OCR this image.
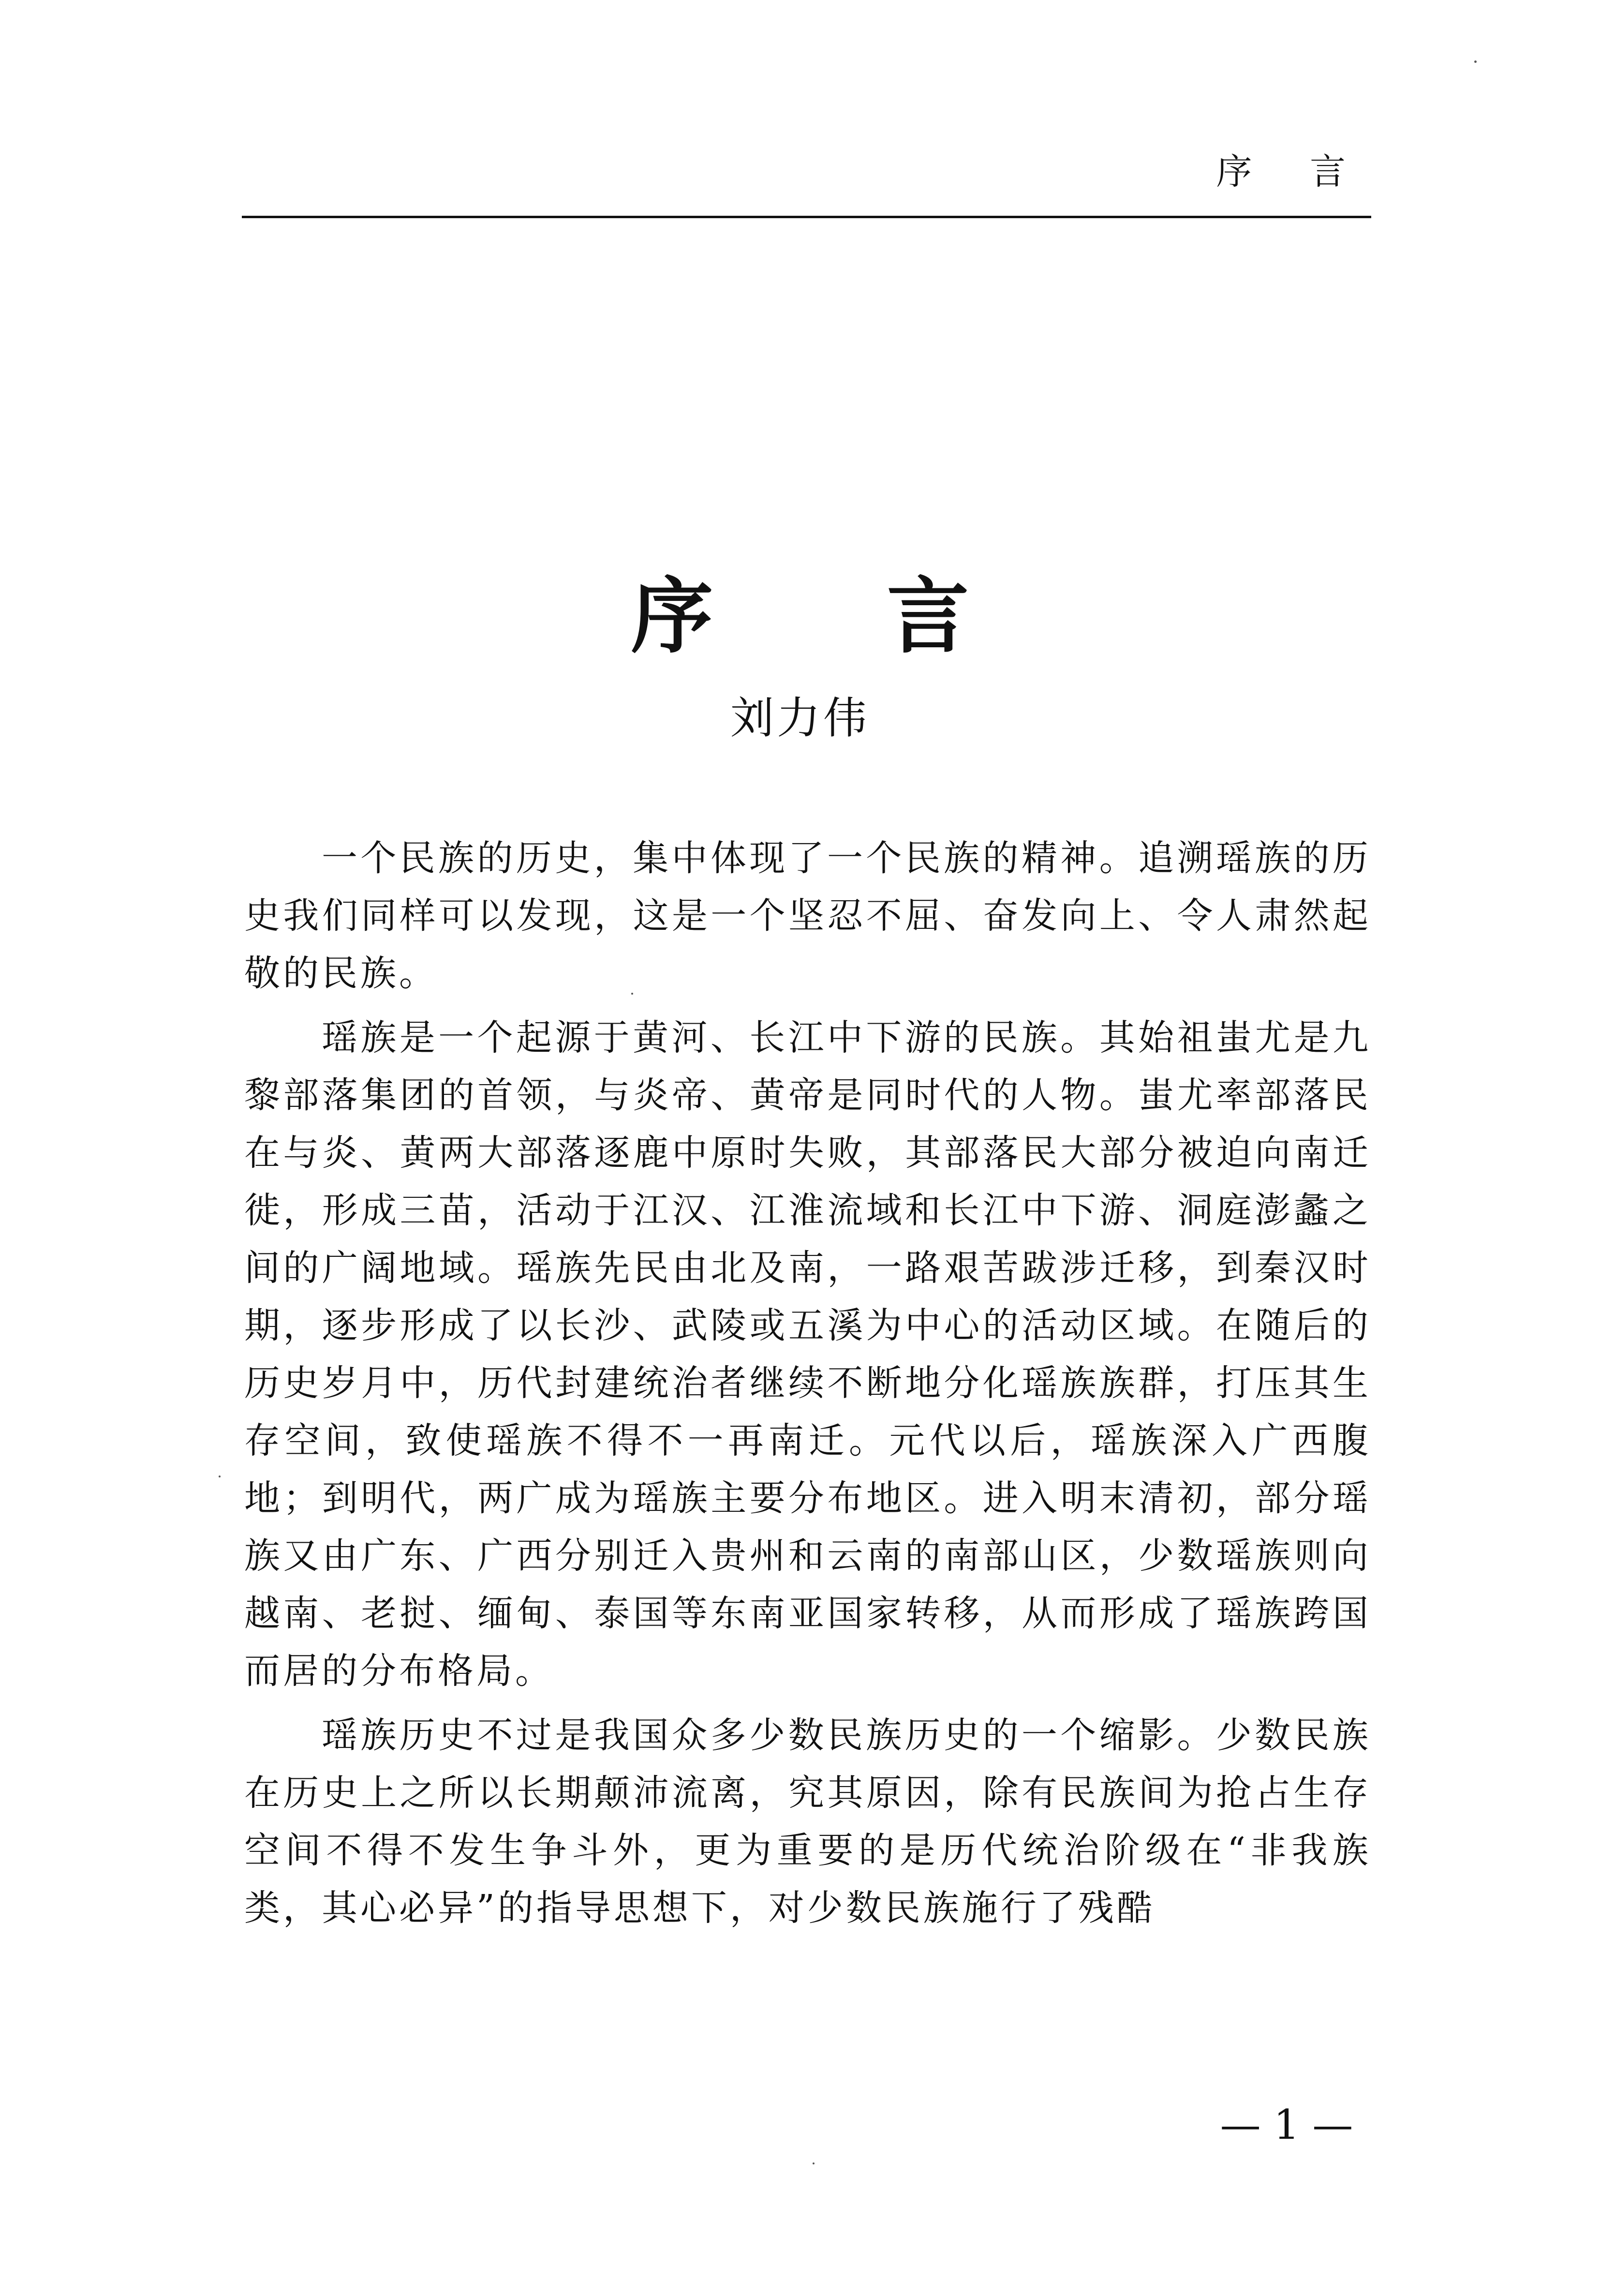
序 言
序 言
刘力伟

一个民族的历史，集中体现了一个民族的精神。追溯瑶族的历史我们同样可以发现，这是一个坚忍不屈、奋发向上、令人肃然起敬的民族。

瑶族是一个起源于黄河、长江中下游的民族。其始祖蚩尤是九黎部落集团的首领，与炎帝、黄帝是同时代的人物。蚩尤率部落民在与炎、黄两大部落逐鹿中原时失败，其部落民大部分被迫向南迁徙，形成三苗，活动于江汉、江淮流域和长江中下游、洞庭澎蠡之间的广阔地域。瑶族先民由北及南，一路艰苦跋涉迁移，到秦汉时期，逐步形成了以长沙、武陵或五溪为中心的活动区域。在随后的历史岁月中，历代封建统治者继续不断地分化瑶族族群，打压其生存空间，致使瑶族不得不一再南迁。元代以后，瑶族深入广西腹地；到明代，两广成为瑶族主要分布地区。进入明末清初，部分瑶族又由广东、广西分别迁入贵州和云南的南部山区，少数瑶族则向越南、老挝、缅甸、泰国等东南亚国家转移，从而形成了瑶族跨国而居的分布格局。

瑶族历史不过是我国众多少数民族历史的一个缩影。少数民族在历史上之所以长期颠沛流离，究其原因，除有民族间为抢占生存空间不得不发生争斗外，更为重要的是历代统治阶级在“非我族类，其心必异”的指导思想下，对少数民族施行了残酷

— 1 —
